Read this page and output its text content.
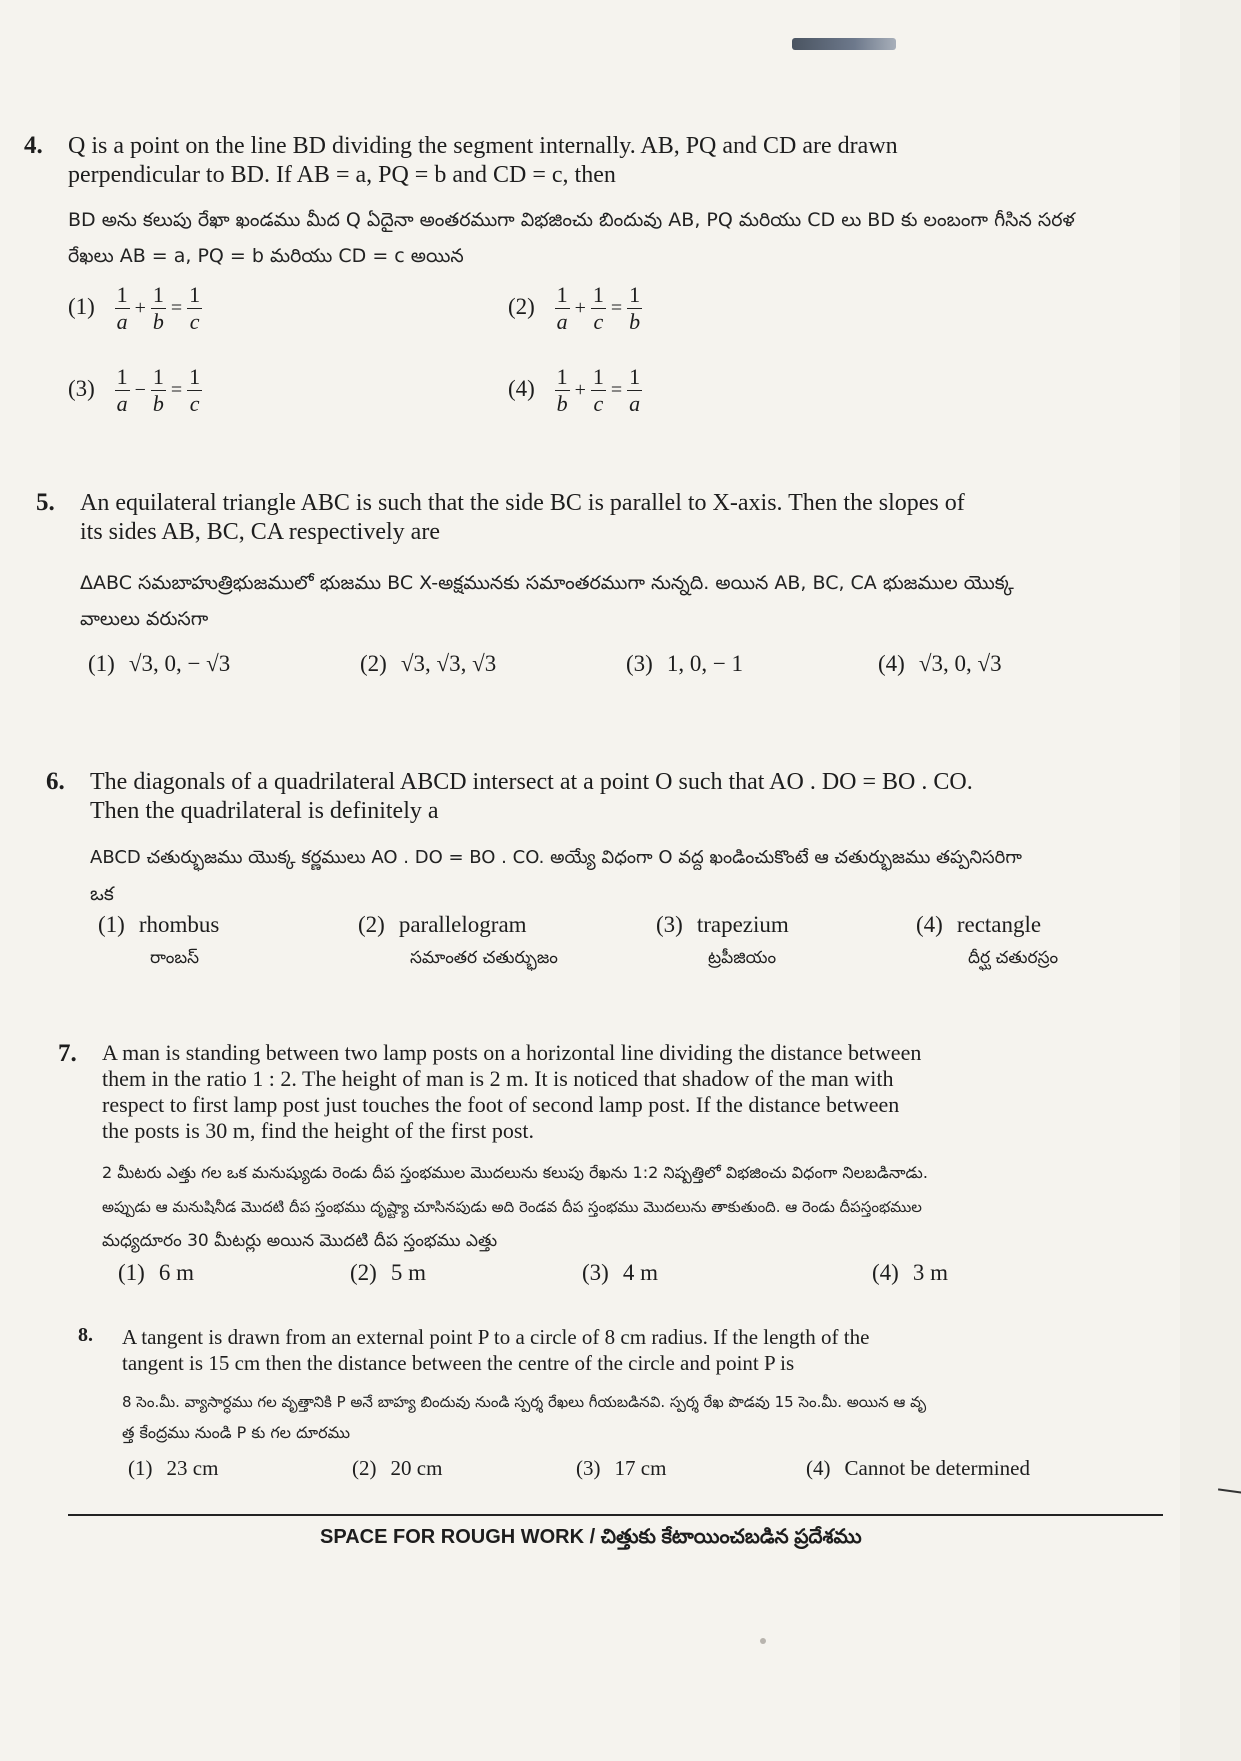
4. Q is a point on the line BD dividing the segment internally. AB, PQ and CD are drawn

perpendicular to BD. If AB = a, PQ = b and CD = c, then

BD అను కలుపు రేఖా ఖండము మీద Q ఏదైనా అంతరముగా విభజించు బిందువు AB, PQ మరియు CD లు BD కు లంబంగా గీసిన సరళ

రేఖలు AB = a, PQ = b మరియు CD = c అయిన

$(1) \frac{1}{a} + \frac{1}{b} = \frac{1}{c}$	$(2) \frac{1}{a} + \frac{1}{c} = \frac{1}{b}$
$(3) \frac{1}{a} - \frac{1}{b} = \frac{1}{c}$	$(4) \frac{1}{b} + \frac{1}{c} = \frac{1}{a}$
5. An equilateral triangle ABC is such that the side BC is parallel to X-axis. Then the slopes of

its sides AB, BC, CA respectively are

ΔABC సమబాహుత్రిభుజములో భుజము BC X-అక్షమునకు సమాంతరముగా నున్నది. అయిన AB, BC, CA భుజముల యొక్క

వాలులు వరుసగా

(1) √3, 0, − √3	(2) √3, √3, √3	(3) 1, 0, − 1	(4) √3, 0, √3
6. The diagonals of a quadrilateral ABCD intersect at a point O such that AO . DO = BO . CO.

Then the quadrilateral is definitely a

ABCD చతుర్భుజము యొక్క కర్ణములు AO . DO = BO . CO. అయ్యే విధంగా O వద్ద ఖండించుకొంటే ఆ చతుర్భుజము తప్పనిసరిగా

ఒక

(1) rhombus
రాంబస్
(2) parallelogram
సమాంతర చతుర్భుజం
(3) trapezium
ట్రపీజియం
(4) rectangle
దీర్ఘ చతురస్రం
7. A man is standing between two lamp posts on a horizontal line dividing the distance between

them in the ratio 1 : 2. The height of man is 2 m. It is noticed that shadow of the man with

respect to first lamp post just touches the foot of second lamp post. If the distance between

the posts is 30 m, find the height of the first post.

2 మీటరు ఎత్తు గల ఒక మనుష్యుడు రెండు దీప స్తంభముల మొదలును కలుపు రేఖను 1:2 నిష్పత్తిలో విభజించు విధంగా నిలబడినాడు.

అప్పుడు ఆ మనుషినీడ మొదటి దీప స్తంభము దృష్ట్యా చూసినపుడు అది రెండవ దీప స్తంభము మొదలును తాకుతుంది. ఆ రెండు దీపస్తంభముల

మధ్యదూరం 30 మీటర్లు అయిన మొదటి దీప స్తంభము ఎత్తు

(1) 6 m	(2) 5 m	(3) 4 m	(4) 3 m
8. A tangent is drawn from an external point P to a circle of 8 cm radius. If the length of the

tangent is 15 cm then the distance between the centre of the circle and point P is

8 సెం.మీ. వ్యాసార్ధము గల వృత్తానికి P అనే బాహ్య బిందువు నుండి స్పర్శ రేఖలు గీయబడినవి. స్పర్శ రేఖ పొడవు 15 సెం.మీ. అయిన ఆ వృ

త్త కేంద్రము నుండి P కు గల దూరము

(1) 23 cm	(2) 20 cm	(3) 17 cm	(4) Cannot be determined
SPACE FOR ROUGH WORK / చిత్తుకు కేటాయించబడిన ప్రదేశము
